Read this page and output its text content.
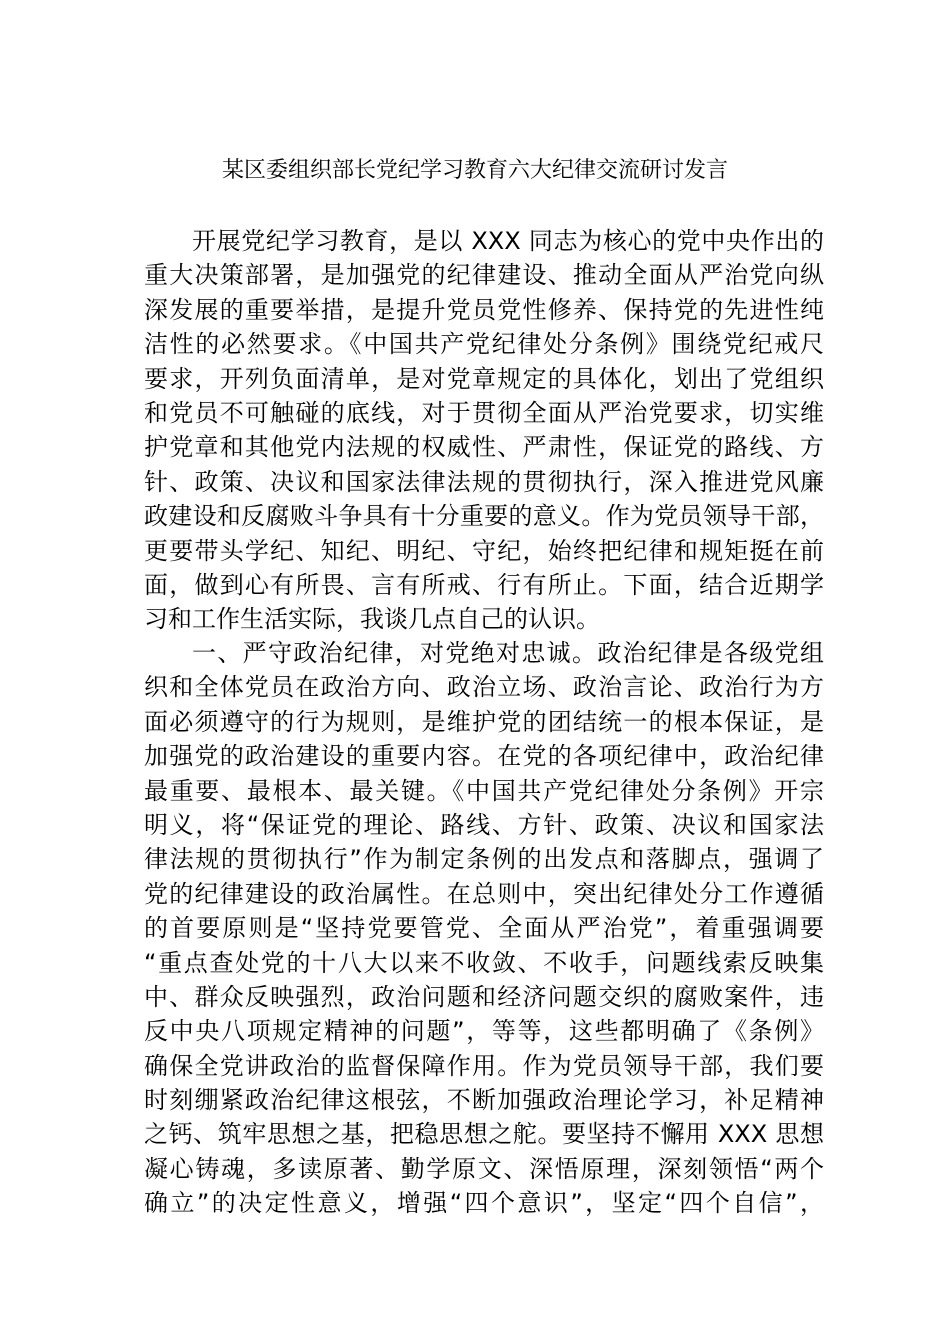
某区委组织部长党纪学习教育六大纪律交流研讨发言
开展党纪学习教育，是以 XXX 同志为核心的党中央作出的
重大决策部署，是加强党的纪律建设、推动全面从严治党向纵
深发展的重要举措，是提升党员党性修养、保持党的先进性纯
洁性的必然要求。《中国共产党纪律处分条例》围绕党纪戒尺
要求，开列负面清单，是对党章规定的具体化，划出了党组织
和党员不可触碰的底线，对于贯彻全面从严治党要求，切实维
护党章和其他党内法规的权威性、严肃性，保证党的路线、方
针、政策、决议和国家法律法规的贯彻执行，深入推进党风廉
政建设和反腐败斗争具有十分重要的意义。作为党员领导干部，
更要带头学纪、知纪、明纪、守纪，始终把纪律和规矩挺在前
面，做到心有所畏、言有所戒、行有所止。下面，结合近期学
习和工作生活实际，我谈几点自己的认识。
一、严守政治纪律，对党绝对忠诚。政治纪律是各级党组
织和全体党员在政治方向、政治立场、政治言论、政治行为方
面必须遵守的行为规则，是维护党的团结统一的根本保证，是
加强党的政治建设的重要内容。在党的各项纪律中，政治纪律
最重要、最根本、最关键。《中国共产党纪律处分条例》开宗
明义，将“保证党的理论、路线、方针、政策、决议和国家法
律法规的贯彻执行”作为制定条例的出发点和落脚点，强调了
党的纪律建设的政治属性。在总则中，突出纪律处分工作遵循
的首要原则是“坚持党要管党、全面从严治党”，着重强调要
“重点查处党的十八大以来不收敛、不收手，问题线索反映集
中、群众反映强烈，政治问题和经济问题交织的腐败案件，违
反中央八项规定精神的问题”，等等，这些都明确了《条例》
确保全党讲政治的监督保障作用。作为党员领导干部，我们要
时刻绷紧政治纪律这根弦，不断加强政治理论学习，补足精神
之钙、筑牢思想之基，把稳思想之舵。要坚持不懈用 XXX 思想
凝心铸魂，多读原著、勤学原文、深悟原理，深刻领悟“两个
确立”的决定性意义，增强“四个意识”，坚定“四个自信”，
